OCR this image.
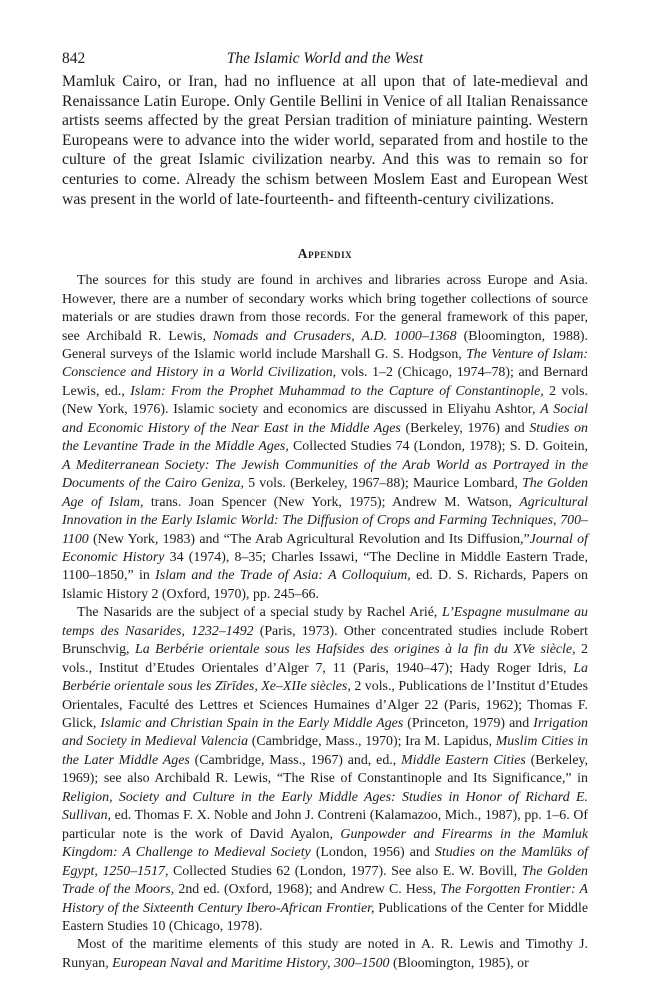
842	The Islamic World and the West

Mamluk Cairo, or Iran, had no influence at all upon that of late-medieval and Renaissance Latin Europe. Only Gentile Bellini in Venice of all Italian Renaissance artists seems affected by the great Persian tradition of miniature painting. Western Europeans were to advance into the wider world, separated from and hostile to the culture of the great Islamic civilization nearby. And this was to remain so for centuries to come. Already the schism between Moslem East and European West was present in the world of late-fourteenth- and fifteenth-century civilizations.

Appendix

The sources for this study are found in archives and libraries across Europe and Asia. However, there are a number of secondary works which bring together collections of source materials or are studies drawn from those records. For the general framework of this paper, see Archibald R. Lewis, Nomads and Crusaders, A.D. 1000–1368 (Bloomington, 1988). General surveys of the Islamic world include Marshall G. S. Hodgson, The Venture of Islam: Conscience and History in a World Civilization, vols. 1–2 (Chicago, 1974–78); and Bernard Lewis, ed., Islam: From the Prophet Muhammad to the Capture of Constantinople, 2 vols. (New York, 1976). Islamic society and economics are discussed in Eliyahu Ashtor, A Social and Economic History of the Near East in the Middle Ages (Berkeley, 1976) and Studies on the Levantine Trade in the Middle Ages, Collected Studies 74 (London, 1978); S. D. Goitein, A Mediterranean Society: The Jewish Communities of the Arab World as Portrayed in the Documents of the Cairo Geniza, 5 vols. (Berkeley, 1967–88); Maurice Lombard, The Golden Age of Islam, trans. Joan Spencer (New York, 1975); Andrew M. Watson, Agricultural Innovation in the Early Islamic World: The Diffusion of Crops and Farming Techniques, 700–1100 (New York, 1983) and “The Arab Agricultural Revolution and Its Diffusion,”Journal of Economic History 34 (1974), 8–35; Charles Issawi, “The Decline in Middle Eastern Trade, 1100–1850,” in Islam and the Trade of Asia: A Colloquium, ed. D. S. Richards, Papers on Islamic History 2 (Oxford, 1970), pp. 245–66.

The Nasarids are the subject of a special study by Rachel Arié, L’Espagne musulmane au temps des Nasarides, 1232–1492 (Paris, 1973). Other concentrated studies include Robert Brunschvig, La Berbérie orientale sous les Hafsides des origines à la fin du XVe siècle, 2 vols., Institut d’Etudes Orientales d’Alger 7, 11 (Paris, 1940–47); Hady Roger Idris, La Berbérie orientale sous les Zīrīdes, Xe–XIIe siècles, 2 vols., Publications de l’Institut d’Etudes Orientales, Faculté des Lettres et Sciences Humaines d’Alger 22 (Paris, 1962); Thomas F. Glick, Islamic and Christian Spain in the Early Middle Ages (Princeton, 1979) and Irrigation and Society in Medieval Valencia (Cambridge, Mass., 1970); Ira M. Lapidus, Muslim Cities in the Later Middle Ages (Cambridge, Mass., 1967) and, ed., Middle Eastern Cities (Berkeley, 1969); see also Archibald R. Lewis, “The Rise of Constantinople and Its Significance,” in Religion, Society and Culture in the Early Middle Ages: Studies in Honor of Richard E. Sullivan, ed. Thomas F. X. Noble and John J. Contreni (Kalamazoo, Mich., 1987), pp. 1–6. Of particular note is the work of David Ayalon, Gunpowder and Firearms in the Mamluk Kingdom: A Challenge to Medieval Society (London, 1956) and Studies on the Mamlūks of Egypt, 1250–1517, Collected Studies 62 (London, 1977). See also E. W. Bovill, The Golden Trade of the Moors, 2nd ed. (Oxford, 1968); and Andrew C. Hess, The Forgotten Frontier: A History of the Sixteenth Century Ibero-African Frontier, Publications of the Center for Middle Eastern Studies 10 (Chicago, 1978).

Most of the maritime elements of this study are noted in A. R. Lewis and Timothy J. Runyan, European Naval and Maritime History, 300–1500 (Bloomington, 1985), or
